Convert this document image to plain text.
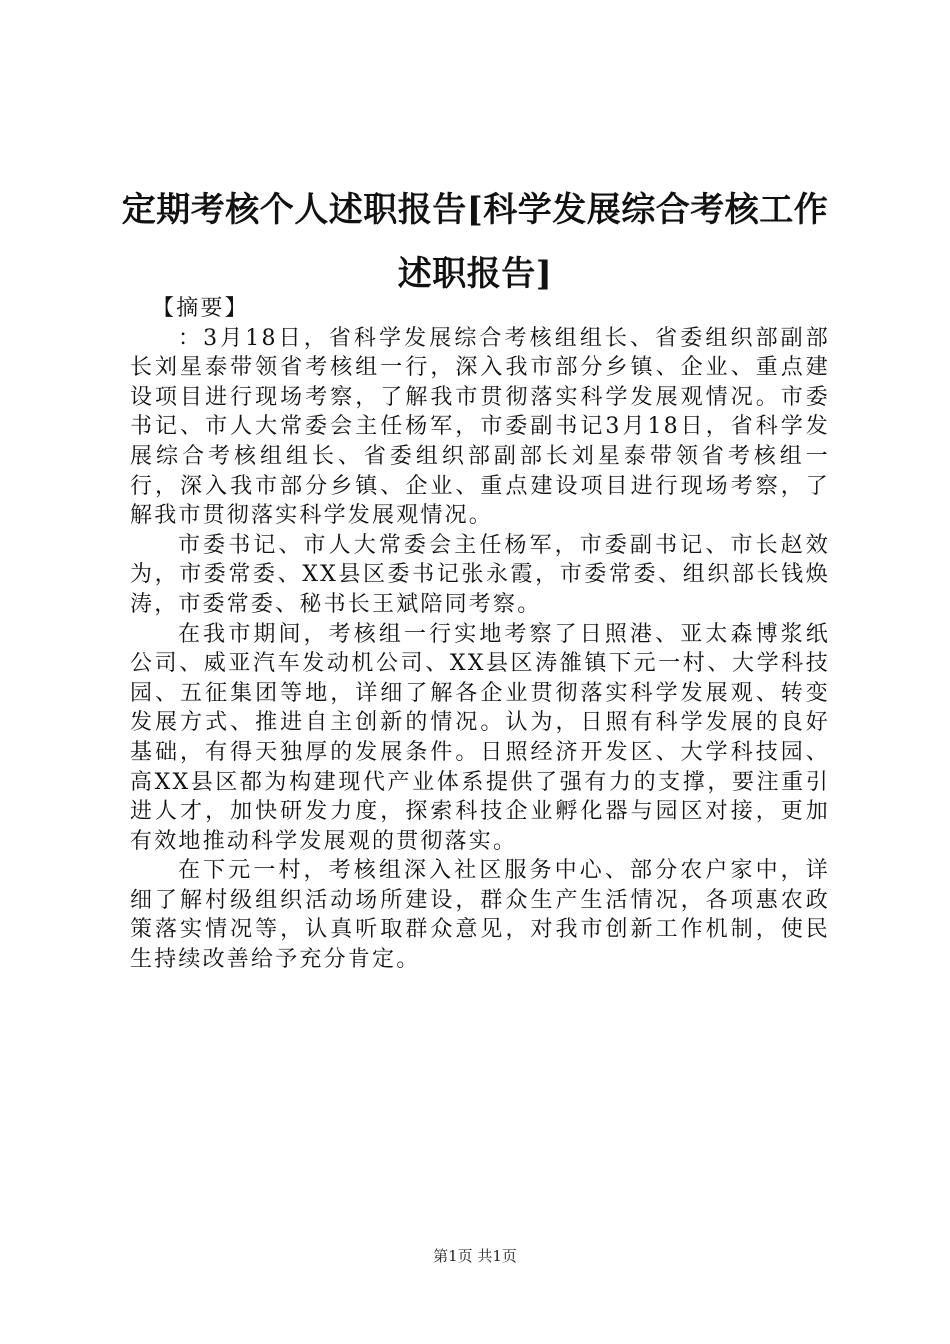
定期考核个人述职报告[科学发展综合考核工作述职报告]

【摘要】

：3月18日，省科学发展综合考核组组长、省委组织部副部长刘星泰带领省考核组一行，深入我市部分乡镇、企业、重点建设项目进行现场考察，了解我市贯彻落实科学发展观情况。市委书记、市人大常委会主任杨军，市委副书记3月18日，省科学发展综合考核组组长、省委组织部副部长刘星泰带领省考核组一行，深入我市部分乡镇、企业、重点建设项目进行现场考察，了解我市贯彻落实科学发展观情况。

市委书记、市人大常委会主任杨军，市委副书记、市长赵效为，市委常委、XX县区委书记张永霞，市委常委、组织部长钱焕涛，市委常委、秘书长王斌陪同考察。

在我市期间，考核组一行实地考察了日照港、亚太森博浆纸公司、威亚汽车发动机公司、XX县区涛雒镇下元一村、大学科技园、五征集团等地，详细了解各企业贯彻落实科学发展观、转变发展方式、推进自主创新的情况。认为，日照有科学发展的良好基础，有得天独厚的发展条件。日照经济开发区、大学科技园、高XX县区都为构建现代产业体系提供了强有力的支撑，要注重引进人才，加快研发力度，探索科技企业孵化器与园区对接，更加有效地推动科学发展观的贯彻落实。

在下元一村，考核组深入社区服务中心、部分农户家中，详细了解村级组织活动场所建设，群众生产生活情况，各项惠农政策落实情况等，认真听取群众意见，对我市创新工作机制，使民生持续改善给予充分肯定。

第1页 共1页
